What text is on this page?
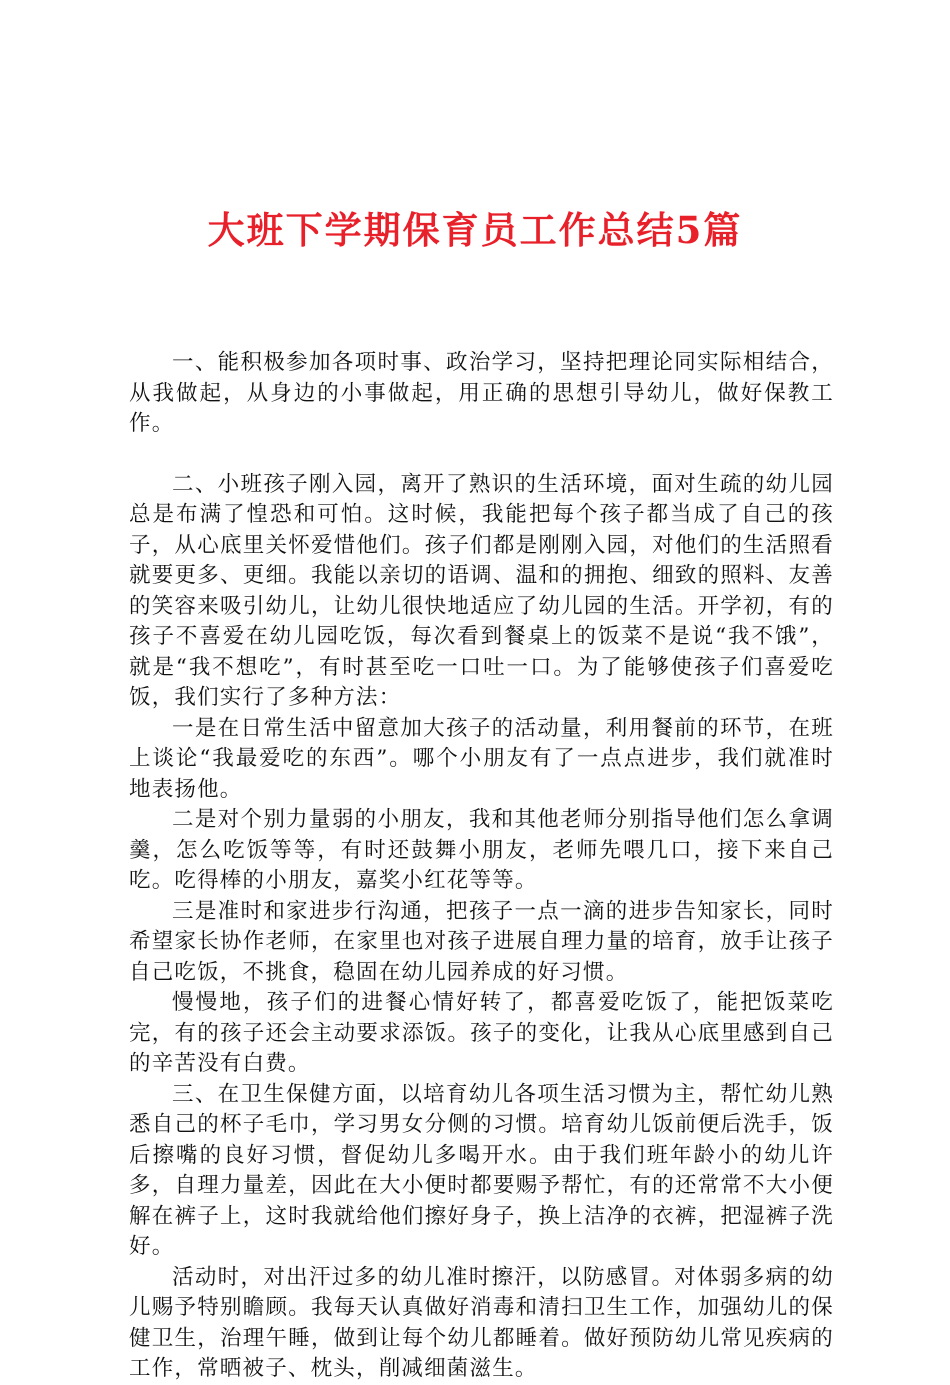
大班下学期保育员工作总结5篇

一、能积极参加各项时事、政治学习，坚持把理论同实际相结合，从我做起，从身边的小事做起，用正确的思想引导幼儿，做好保教工作。

二、小班孩子刚入园，离开了熟识的生活环境，面对生疏的幼儿园总是布满了惶恐和可怕。这时候，我能把每个孩子都当成了自己的孩子，从心底里关怀爱惜他们。孩子们都是刚刚入园，对他们的生活照看就要更多、更细。我能以亲切的语调、温和的拥抱、细致的照料、友善的笑容来吸引幼儿，让幼儿很快地适应了幼儿园的生活。开学初，有的孩子不喜爱在幼儿园吃饭，每次看到餐桌上的饭菜不是说“我不饿”，就是“我不想吃”，有时甚至吃一口吐一口。为了能够使孩子们喜爱吃饭，我们实行了多种方法：

一是在日常生活中留意加大孩子的活动量，利用餐前的环节，在班上谈论“我最爱吃的东西”。哪个小朋友有了一点点进步，我们就准时地表扬他。

二是对个别力量弱的小朋友，我和其他老师分别指导他们怎么拿调羹，怎么吃饭等等，有时还鼓舞小朋友，老师先喂几口，接下来自己吃。吃得棒的小朋友，嘉奖小红花等等。

三是准时和家进步行沟通，把孩子一点一滴的进步告知家长，同时希望家长协作老师，在家里也对孩子进展自理力量的培育，放手让孩子自己吃饭，不挑食，稳固在幼儿园养成的好习惯。

慢慢地，孩子们的进餐心情好转了，都喜爱吃饭了，能把饭菜吃完，有的孩子还会主动要求添饭。孩子的变化，让我从心底里感到自己的辛苦没有白费。

三、在卫生保健方面，以培育幼儿各项生活习惯为主，帮忙幼儿熟悉自己的杯子毛巾，学习男女分侧的习惯。培育幼儿饭前便后洗手，饭后擦嘴的良好习惯，督促幼儿多喝开水。由于我们班年龄小的幼儿许多，自理力量差，因此在大小便时都要赐予帮忙，有的还常常不大小便解在裤子上，这时我就给他们擦好身子，换上洁净的衣裤，把湿裤子洗好。

活动时，对出汗过多的幼儿准时擦汗，以防感冒。对体弱多病的幼儿赐予特别瞻顾。我每天认真做好消毒和清扫卫生工作，加强幼儿的保健卫生，治理午睡，做到让每个幼儿都睡着。做好预防幼儿常见疾病的工作，常晒被子、枕头，削减细菌滋生。
